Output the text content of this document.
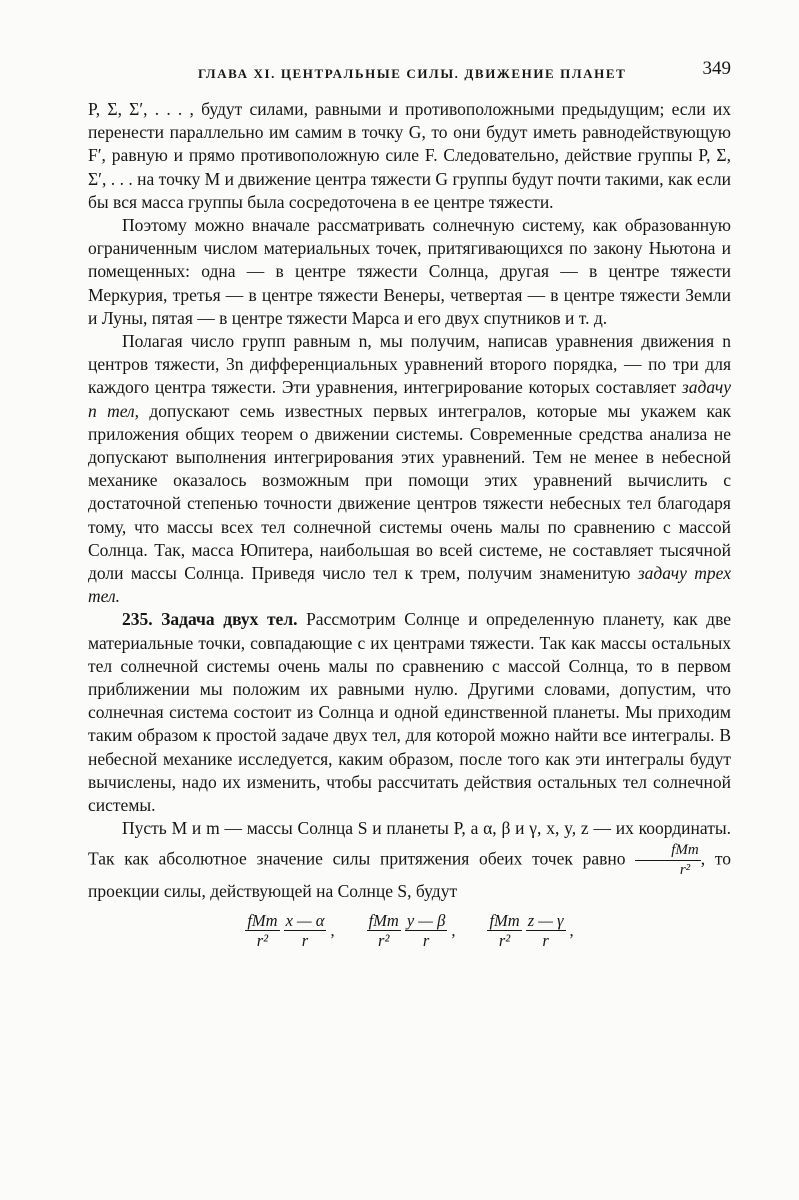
ГЛАВА XI. ЦЕНТРАЛЬНЫЕ СИЛЫ. ДВИЖЕНИЕ ПЛАНЕТ	349

P, Σ, Σ′, . . . , будут силами, равными и противоположными предыдущим; если их перенести параллельно им самим в точку G, то они будут иметь равнодействующую F′, равную и прямо противоположную силе F. Следовательно, действие группы P, Σ, Σ′, . . . на точку M и движение центра тяжести G группы будут почти такими, как если бы вся масса группы была сосредоточена в ее центре тяжести.

Поэтому можно вначале рассматривать солнечную систему, как образованную ограниченным числом материальных точек, притягивающихся по закону Ньютона и помещенных: одна — в центре тяжести Солнца, другая — в центре тяжести Меркурия, третья — в центре тяжести Венеры, четвертая — в центре тяжести Земли и Луны, пятая — в центре тяжести Марса и его двух спутников и т. д.

Полагая число групп равным n, мы получим, написав уравнения движения n центров тяжести, 3n дифференциальных уравнений второго порядка, — по три для каждого центра тяжести. Эти уравнения, интегрирование которых составляет задачу n тел, допускают семь известных первых интегралов, которые мы укажем как приложения общих теорем о движении системы. Современные средства анализа не допускают выполнения интегрирования этих уравнений. Тем не менее в небесной механике оказалось возможным при помощи этих уравнений вычислить с достаточной степенью точности движение центров тяжести небесных тел благодаря тому, что массы всех тел солнечной системы очень малы по сравнению с массой Солнца. Так, масса Юпитера, наибольшая во всей системе, не составляет тысячной доли массы Солнца. Приведя число тел к трем, получим знаменитую задачу трех тел.

235. Задача двух тел. Рассмотрим Солнце и определенную планету, как две материальные точки, совпадающие с их центрами тяжести. Так как массы остальных тел солнечной системы очень малы по сравнению с массой Солнца, то в первом приближении мы положим их равными нулю. Другими словами, допустим, что солнечная система состоит из Солнца и одной единственной планеты. Мы приходим таким образом к простой задаче двух тел, для которой можно найти все интегралы. В небесной механике исследуется, каким образом, после того как эти интегралы будут вычислены, надо их изменить, чтобы рассчитать действия остальных тел солнечной системы.

Пусть M и m — массы Солнца S и планеты P, а α, β и γ, x, y, z — их координаты. Так как абсолютное значение силы притяжения обеих точек равно $\frac{\text{fMm}}{\text{r²}}$ , то проекции силы, действующей на Солнце S, будут

$\frac{\text{fMm}}{\text{r²}} \frac{x — \alpha}{r}$ , $\frac{\text{fMm}}{\text{r²}} \frac{y — \beta}{r}$ , $\frac{\text{fMm}}{\text{r²}} \frac{z — \gamma}{r}$ ,
